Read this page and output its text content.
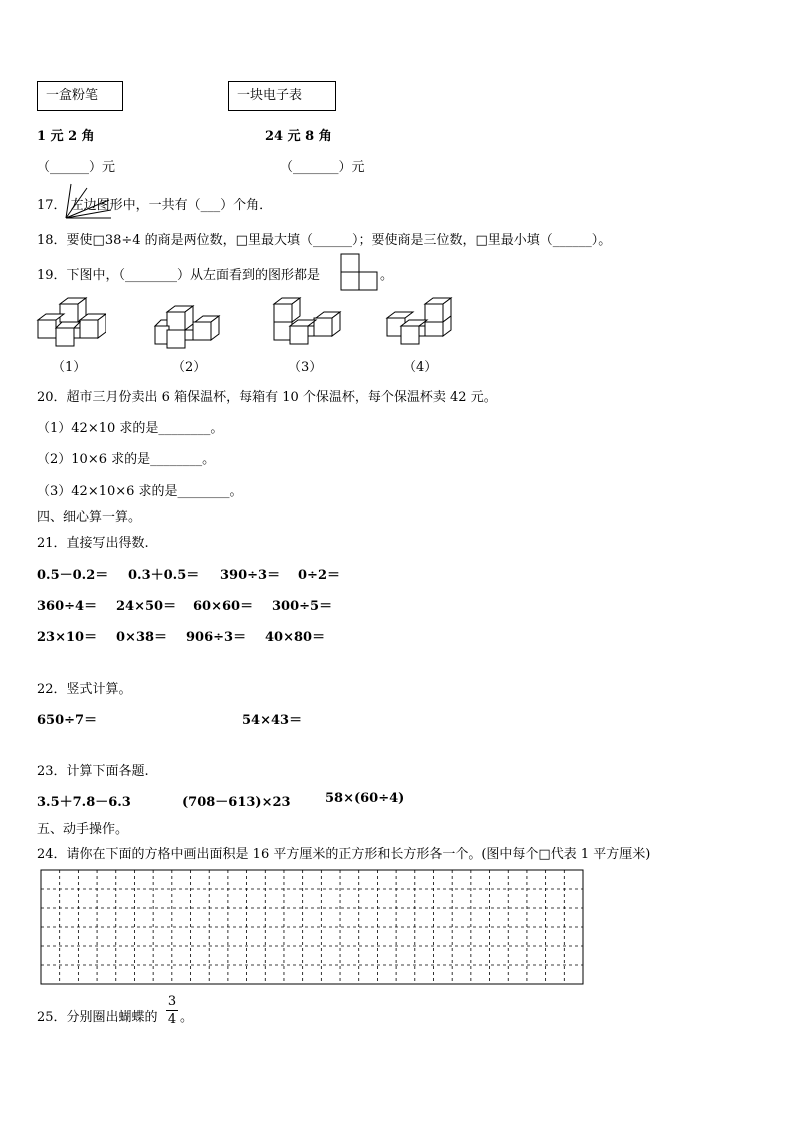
一盒粉笔	一块电子表
1 元 2 角	24 元 8 角
（______）元	（_______）元
17． 左边图形中，一共有（___）个角．
18．要使□38÷4 的商是两位数，□里最大填（______）；要使商是三位数，□里最小填（______）。
19．下图中，（________）从左面看到的图形都是	。
（1）	（2）	（3）	（4）
20．超市三月份卖出 6 箱保温杯，每箱有 10 个保温杯，每个保温杯卖 42 元。
（1）42×10 求的是________。
（2）10×6 求的是________。
（3）42×10×6 求的是________。
四、细心算一算。
21．直接写出得数.
0.5－0.2＝ 0.3＋0.5＝ 390÷3＝ 0÷2＝
360÷4＝ 24×50＝ 60×60＝ 300÷5＝
23×10＝ 0×38＝ 906÷3＝ 40×80＝
22．竖式计算。
650÷7＝	54×43＝
23．计算下面各题.
3.5＋7.8－6.3	(708－613)×23	58×(60÷4)
五、动手操作。
24．请你在下面的方格中画出面积是 16 平方厘米的正方形和长方形各一个。(图中每个□代表 1 平方厘米)
25．分别圈出蝴蝶的
3
4 。
